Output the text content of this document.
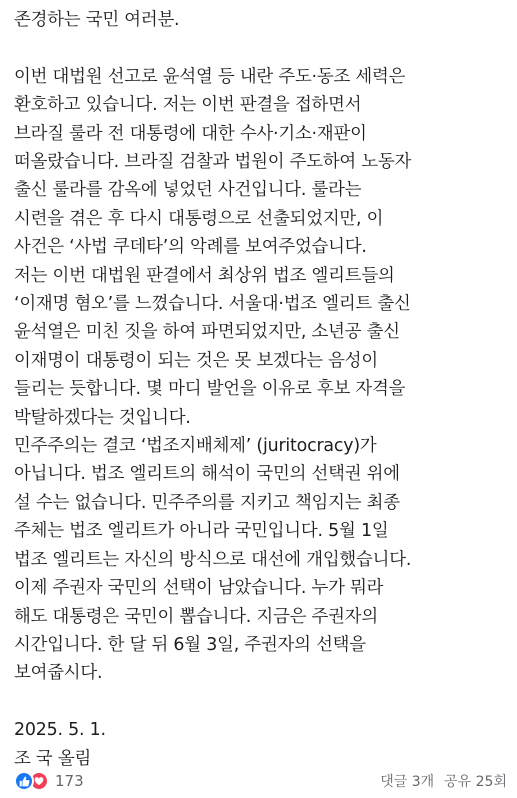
존경하는 국민 여러분.
이번 대법원 선고로 윤석열 등 내란 주도·동조 세력은
환호하고 있습니다. 저는 이번 판결을 접하면서
브라질 룰라 전 대통령에 대한 수사·기소·재판이
떠올랐습니다. 브라질 검찰과 법원이 주도하여 노동자
출신 룰라를 감옥에 넣었던 사건입니다. 룰라는
시련을 겪은 후 다시 대통령으로 선출되었지만, 이
사건은 ‘사법 쿠데타’의 악례를 보여주었습니다.
저는 이번 대법원 판결에서 최상위 법조 엘리트들의
‘이재명 혐오’를 느꼈습니다. 서울대·법조 엘리트 출신
윤석열은 미친 짓을 하여 파면되었지만, 소년공 출신
이재명이 대통령이 되는 것은 못 보겠다는 음성이
들리는 듯합니다. 몇 마디 발언을 이유로 후보 자격을
박탈하겠다는 것입니다.
민주주의는 결코 ‘법조지배체제’ (juritocracy)가
아닙니다. 법조 엘리트의 해석이 국민의 선택권 위에
설 수는 없습니다. 민주주의를 지키고 책임지는 최종
주체는 법조 엘리트가 아니라 국민입니다. 5월 1일
법조 엘리트는 자신의 방식으로 대선에 개입했습니다.
이제 주권자 국민의 선택이 남았습니다. 누가 뭐라
해도 대통령은 국민이 뽑습니다. 지금은 주권자의
시간입니다. 한 달 뒤 6월 3일, 주권자의 선택을
보여줍시다.
2025. 5. 1.
조 국 올림
173	댓글 3개 공유 25회
